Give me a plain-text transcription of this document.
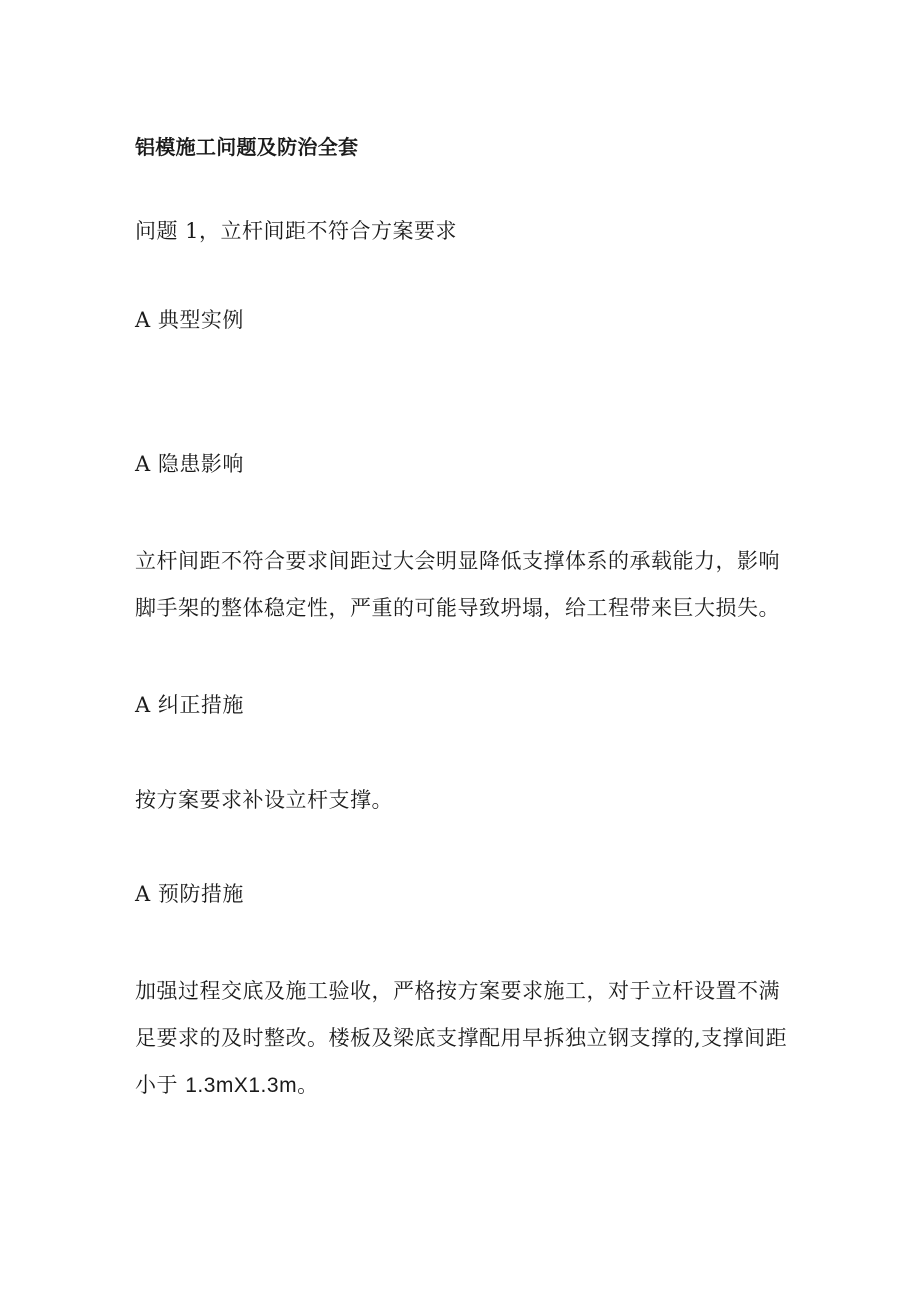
铝模施工问题及防治全套
问题 1，立杆间距不符合方案要求
A 典型实例
A 隐患影响
立杆间距不符合要求间距过大会明显降低支撑体系的承载能力，影响
脚手架的整体稳定性，严重的可能导致坍塌，给工程带来巨大损失。
A 纠正措施
按方案要求补设立杆支撑。
A 预防措施
加强过程交底及施工验收，严格按方案要求施工，对于立杆设置不满
足要求的及时整改。楼板及梁底支撑配用早拆独立钢支撑的,支撑间距
小于 1.3mX1.3m。
